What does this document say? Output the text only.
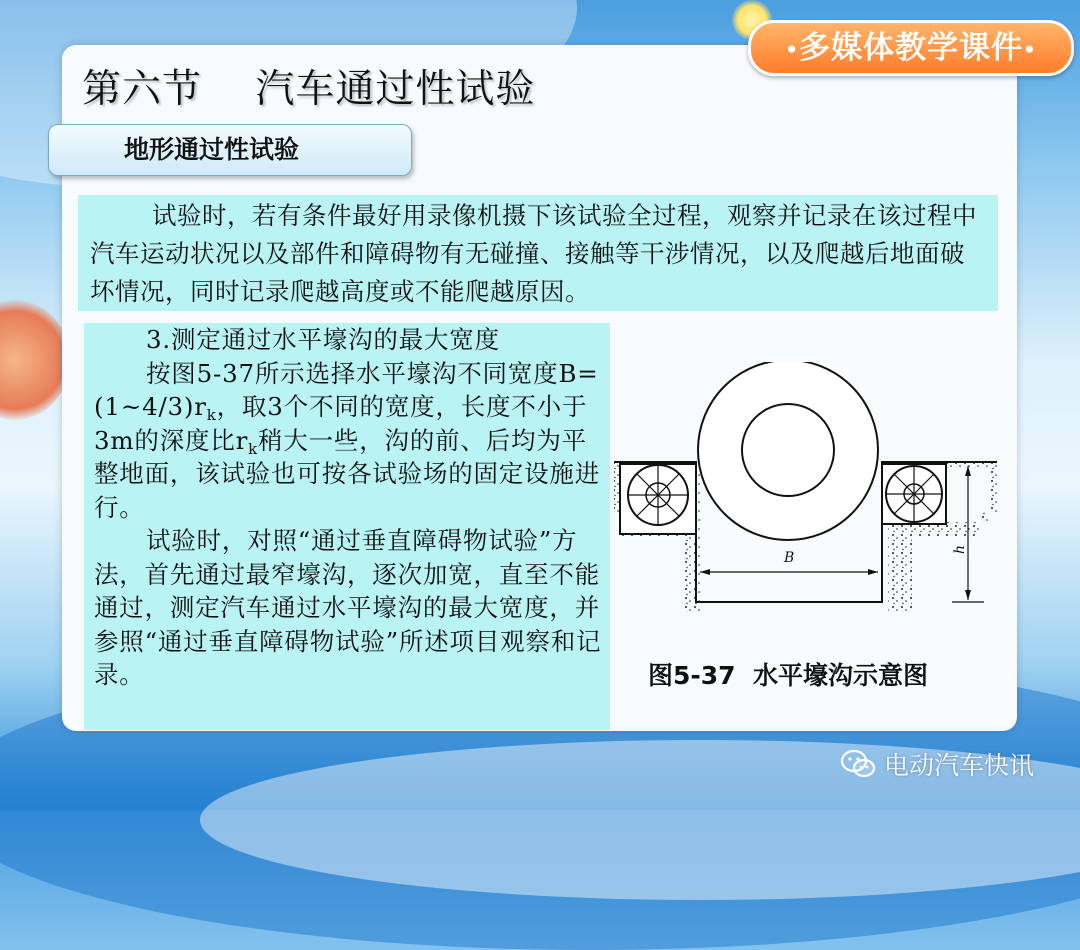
•多媒体教学课件•
第六节　 汽车通过性试验
地形通过性试验
试验时，若有条件最好用录像机摄下该试验全过程，观察并记录在该过程中汽车运动状况以及部件和障碍物有无碰撞、接触等干涉情况，以及爬越后地面破坏情况，同时记录爬越高度或不能爬越原因。

3.测定通过水平壕沟的最大宽度

按图5-37所示选择水平壕沟不同宽度$B=(1\sim 4/3)r_k$，取3个不同的宽度，长度不小于3m的深度比$r_k$稍大一些，沟的前、后均为平整地面，该试验也可按各试验场的固定设施进行。

试验时，对照“通过垂直障碍物试验”方法，首先通过最窄壕沟，逐次加宽，直至不能通过，测定汽车通过水平壕沟的最大宽度，并参照“通过垂直障碍物试验”所述项目观察和记录。

B
h
图5-37  水平壕沟示意图
电动汽车快讯
